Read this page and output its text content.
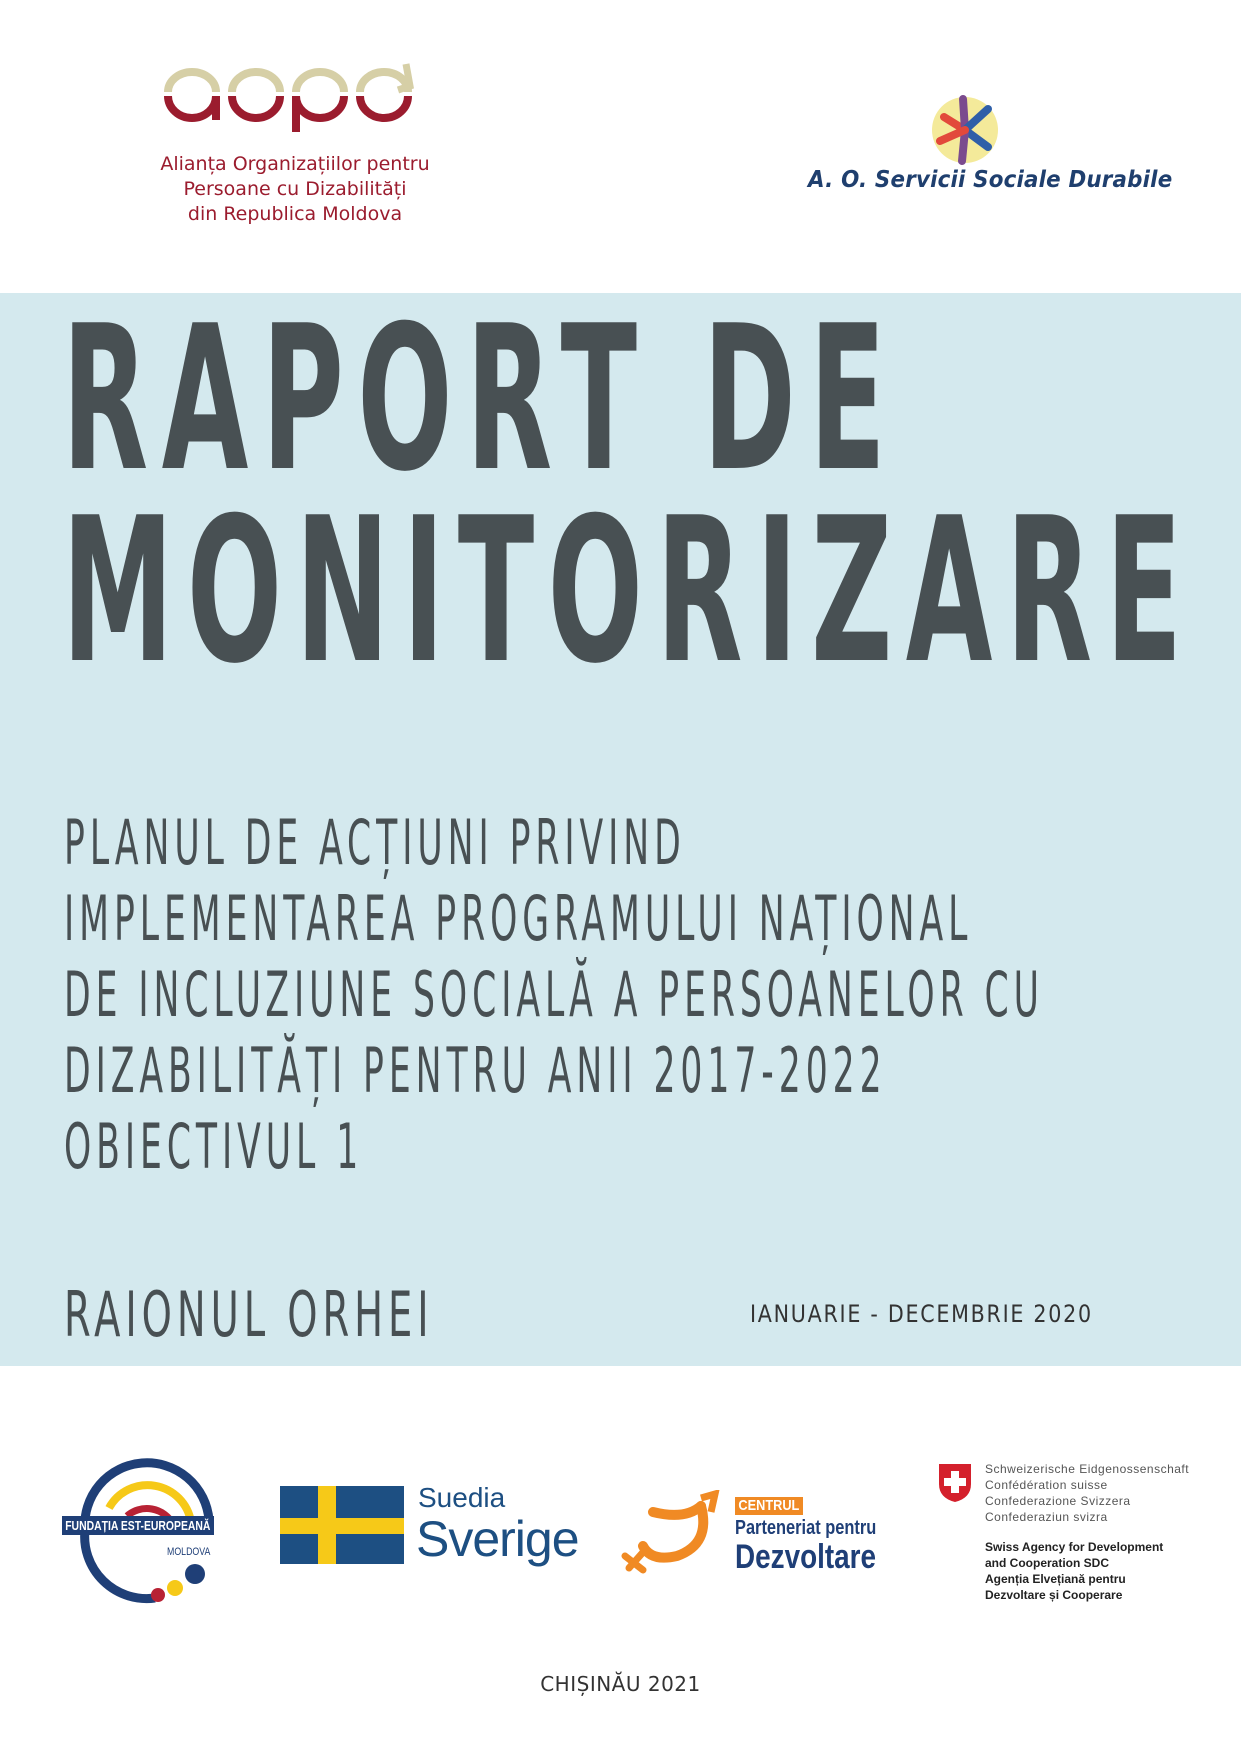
Alianța Organizațiilor pentru
Persoane cu Dizabilități
din Republica Moldova
A. O. Servicii Sociale Durabile
RAPORT DE
MONITORIZARE
PLANUL DE ACȚIUNI PRIVIND
IMPLEMENTAREA PROGRAMULUI NAȚIONAL
DE INCLUZIUNE SOCIALĂ A PERSOANELOR CU
DIZABILITĂȚI PENTRU ANII 2017-2022
OBIECTIVUL 1
RAIONUL ORHEI	IANUARIE - DECEMBRIE 2020
FUNDAȚIA EST-EUROPEANĂ
MOLDOVA
Suedia
Sverige
CENTRUL
Parteneriat pentru
Dezvoltare
Schweizerische Eidgenossenschaft
Confédération suisse
Confederazione Svizzera
Confederaziun svizra
Swiss Agency for Development
and Cooperation SDC
Agenția Elvețiană pentru
Dezvoltare și Cooperare
CHIȘINĂU 2021
